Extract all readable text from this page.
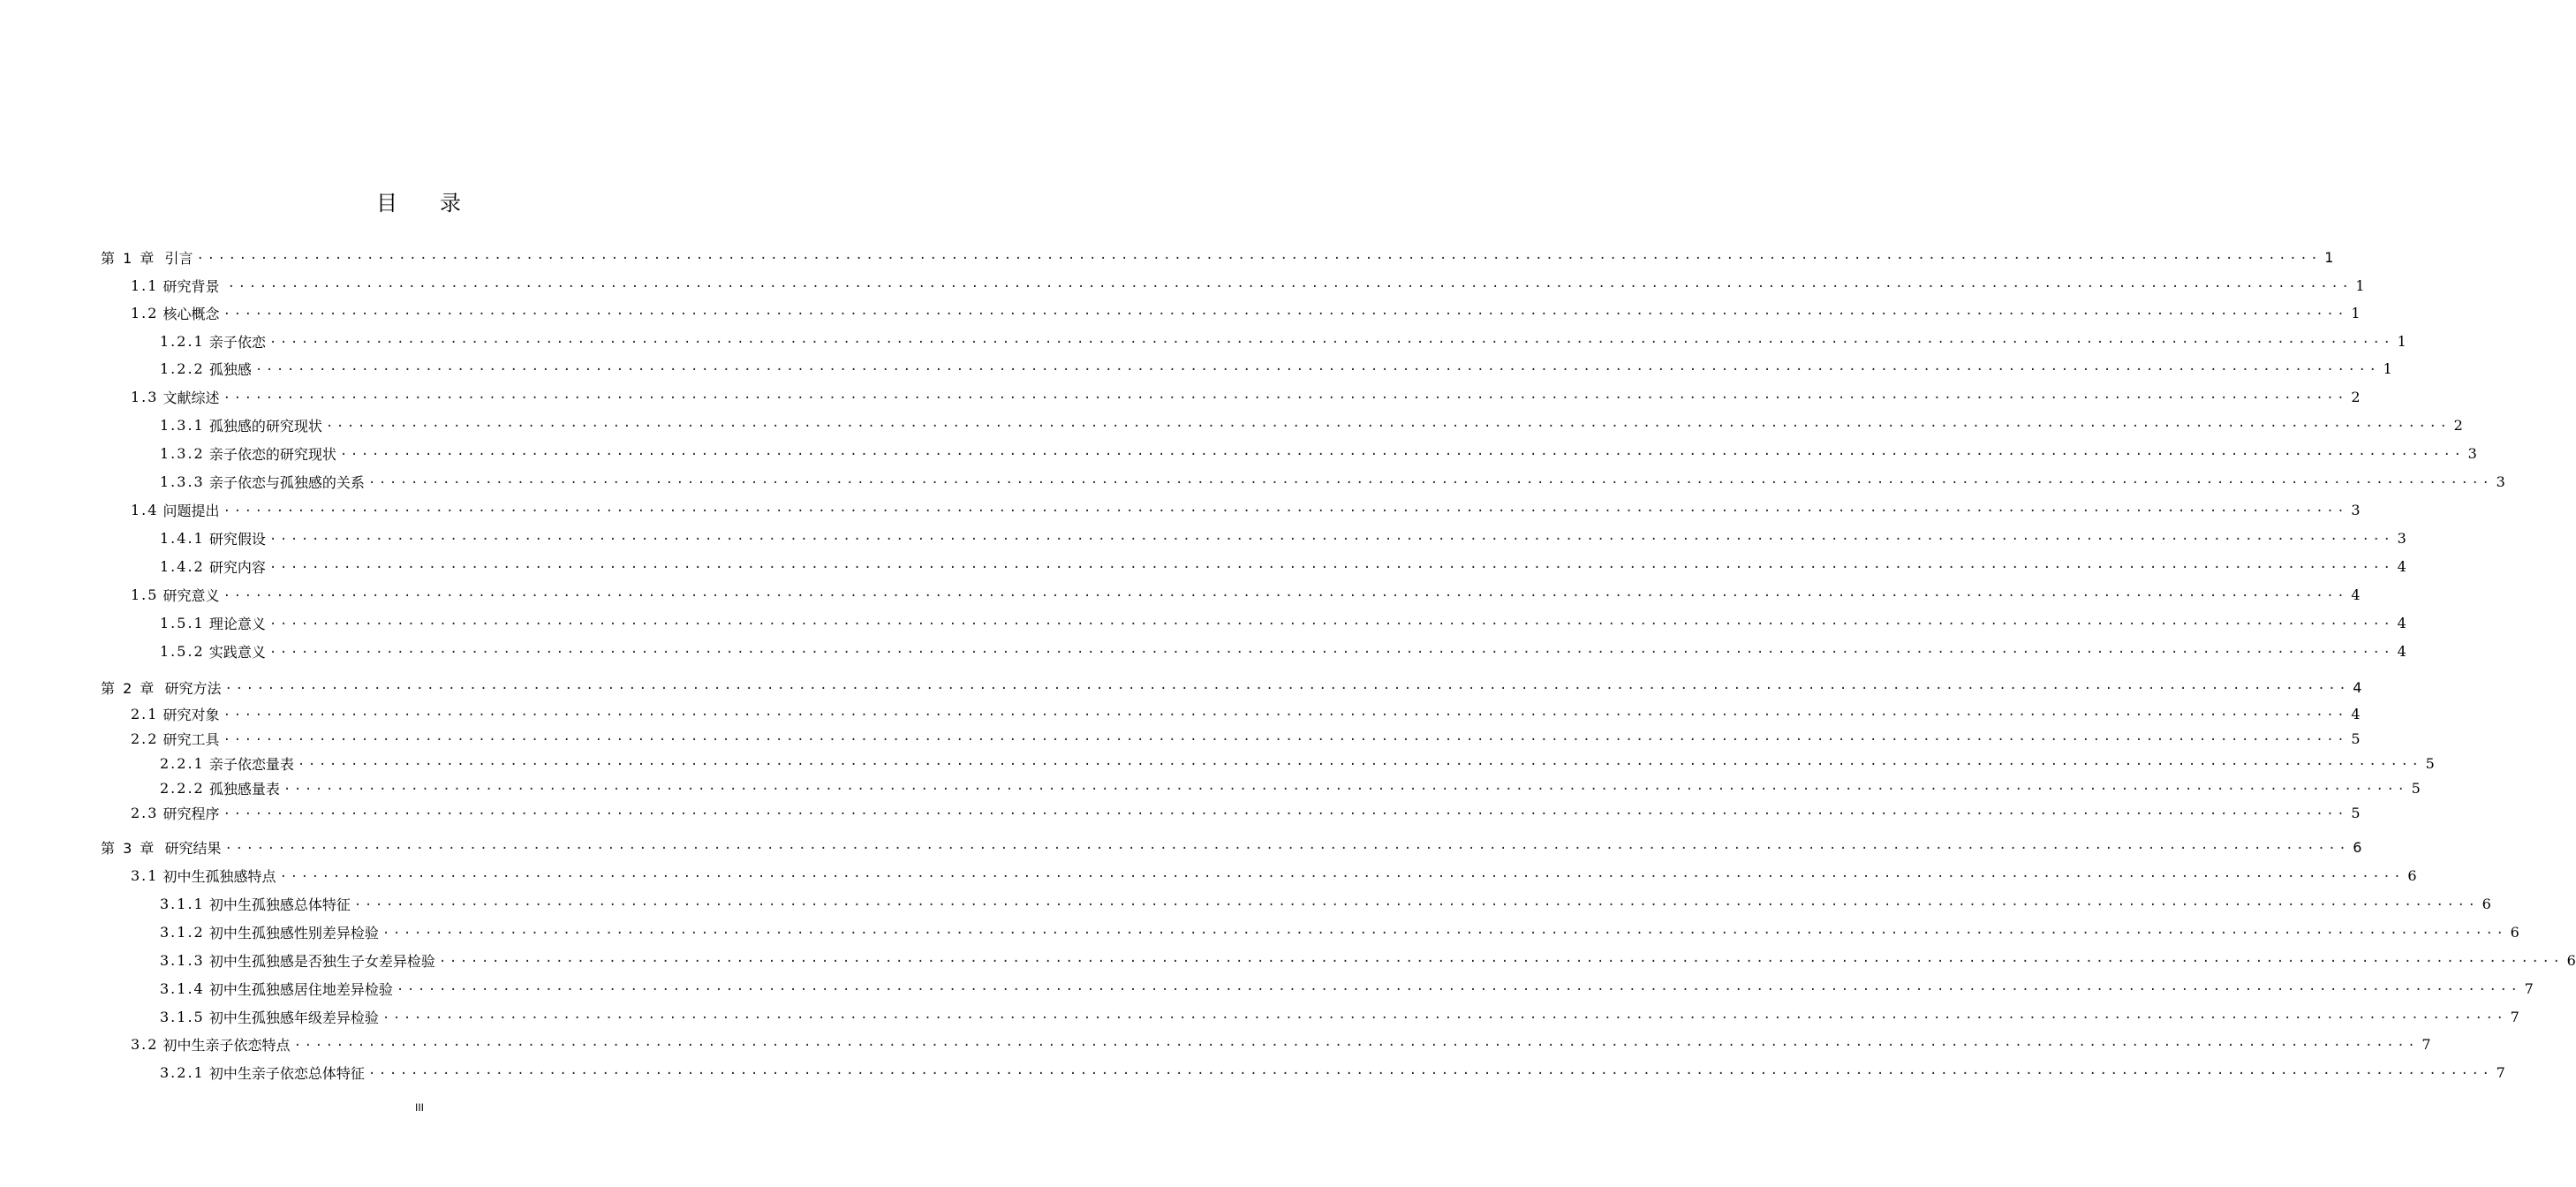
目 录
第 1 章
引言 ........................................................................................................................................................................................................ 1
1.1
研究背景 ........................................................................................................................................................................................................ 1
1.2
核心概念 ........................................................................................................................................................................................................ 1
1.2.1
亲子依恋 ........................................................................................................................................................................................................ 1
1.2.2
孤独感 ........................................................................................................................................................................................................ 1
1.3
文献综述 ........................................................................................................................................................................................................ 2
1.3.1
孤独感的研究现状 ........................................................................................................................................................................................................ 2
1.3.2
亲子依恋的研究现状 ........................................................................................................................................................................................................ 3
1.3.3
亲子依恋与孤独感的关系 ........................................................................................................................................................................................................ 3
1.4
问题提出 ........................................................................................................................................................................................................ 3
1.4.1
研究假设 ........................................................................................................................................................................................................ 3
1.4.2
研究内容 ........................................................................................................................................................................................................ 4
1.5
研究意义 ........................................................................................................................................................................................................ 4
1.5.1
理论意义 ........................................................................................................................................................................................................ 4
1.5.2
实践意义 ........................................................................................................................................................................................................ 4
第 2 章
研究方法 ........................................................................................................................................................................................................ 4
2.1
研究对象 ........................................................................................................................................................................................................ 4
2.2
研究工具 ........................................................................................................................................................................................................ 5
2.2.1
亲子依恋量表 ........................................................................................................................................................................................................ 5
2.2.2
孤独感量表 ........................................................................................................................................................................................................ 5
2.3
研究程序 ........................................................................................................................................................................................................ 5
第 3 章
研究结果 ........................................................................................................................................................................................................ 6
3.1
初中生孤独感特点 ........................................................................................................................................................................................................ 6
3.1.1
初中生孤独感总体特征 ........................................................................................................................................................................................................ 6
3.1.2
初中生孤独感性别差异检验 ........................................................................................................................................................................................................ 6
3.1.3
初中生孤独感是否独生子女差异检验 ........................................................................................................................................................................................................ 6
3.1.4
初中生孤独感居住地差异检验 ........................................................................................................................................................................................................ 7
3.1.5
初中生孤独感年级差异检验 ........................................................................................................................................................................................................ 7
3.2
初中生亲子依恋特点 ........................................................................................................................................................................................................ 7
3.2.1
初中生亲子依恋总体特征 ........................................................................................................................................................................................................ 7
III
